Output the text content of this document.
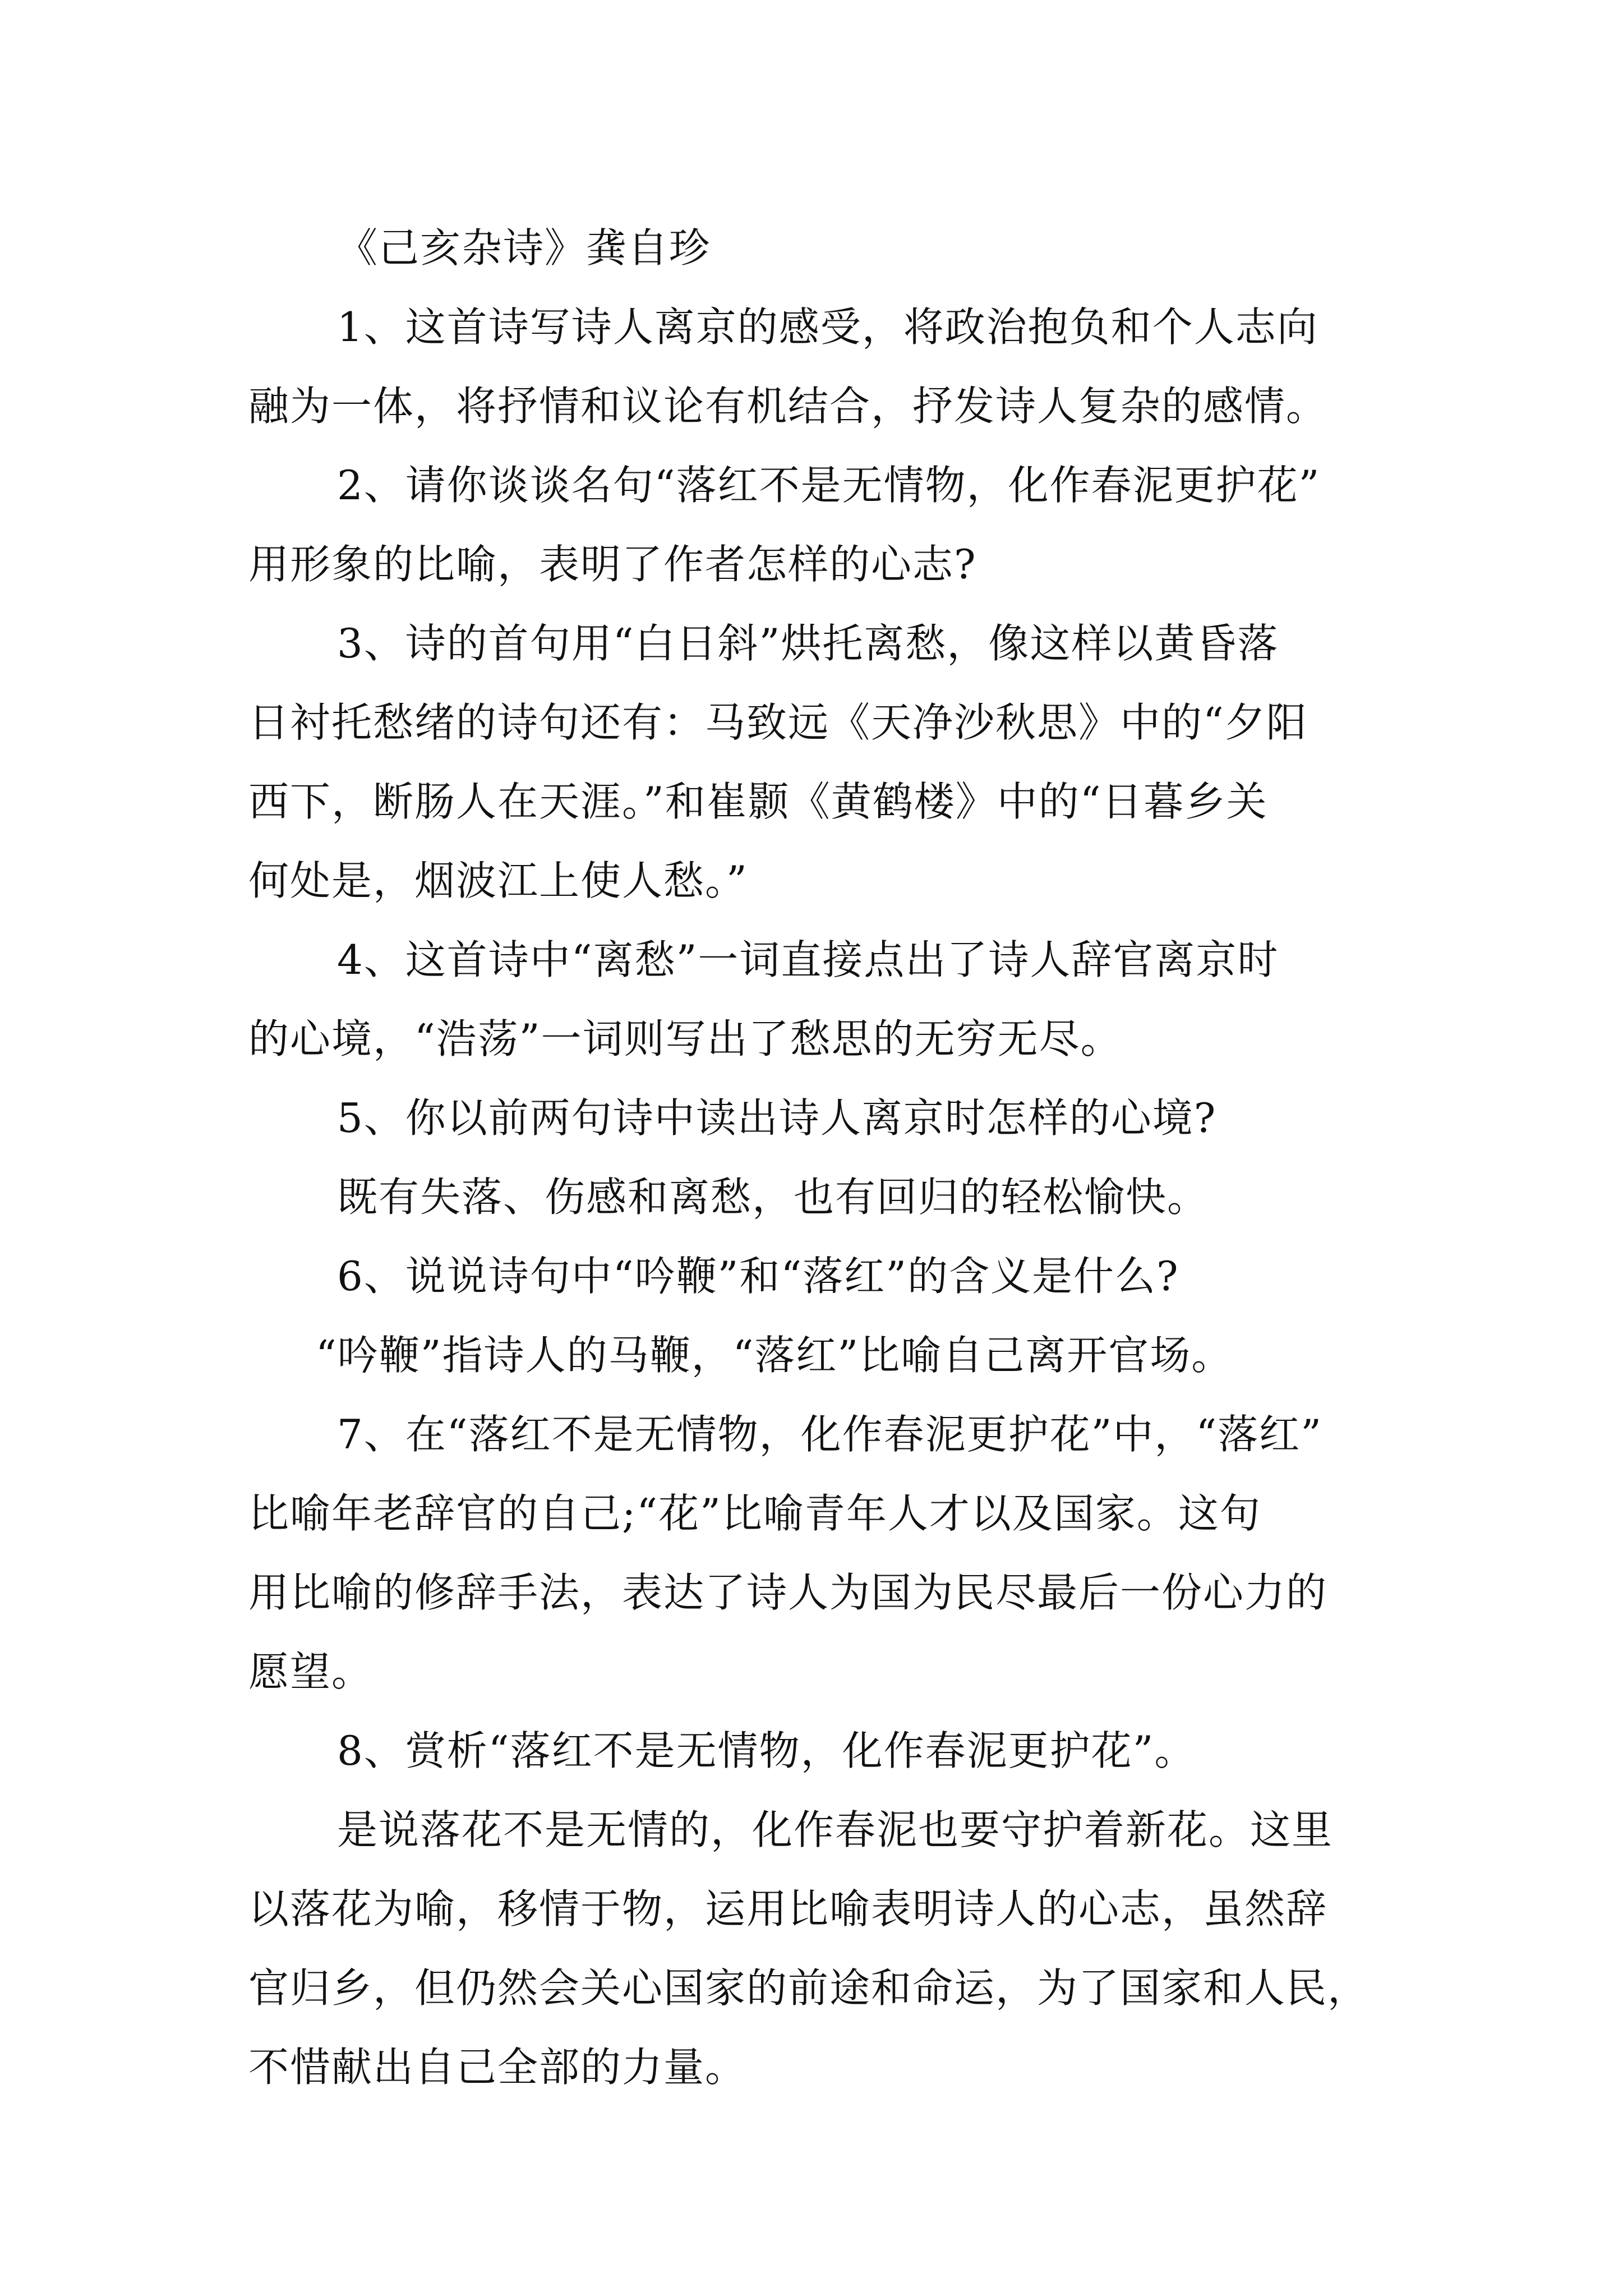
《己亥杂诗》龚自珍
1、这首诗写诗人离京的感受，将政治抱负和个人志向
融为一体，将抒情和议论有机结合，抒发诗人复杂的感情。
2、请你谈谈名句“落红不是无情物，化作春泥更护花”
用形象的比喻，表明了作者怎样的心志?
3、诗的首句用“白日斜”烘托离愁，像这样以黄昏落
日衬托愁绪的诗句还有：马致远《天净沙秋思》中的“夕阳
西下，断肠人在天涯。”和崔颢《黄鹤楼》中的“日暮乡关
何处是，烟波江上使人愁。”
4、这首诗中“离愁”一词直接点出了诗人辞官离京时
的心境，“浩荡”一词则写出了愁思的无穷无尽。
5、你以前两句诗中读出诗人离京时怎样的心境?
既有失落、伤感和离愁，也有回归的轻松愉快。
6、说说诗句中“吟鞭”和“落红”的含义是什么?
“吟鞭”指诗人的马鞭，“落红”比喻自己离开官场。
7、在“落红不是无情物，化作春泥更护花”中，“落红”
比喻年老辞官的自己;“花”比喻青年人才以及国家。这句
用比喻的修辞手法，表达了诗人为国为民尽最后一份心力的
愿望。
8、赏析“落红不是无情物，化作春泥更护花”。
是说落花不是无情的，化作春泥也要守护着新花。这里
以落花为喻，移情于物，运用比喻表明诗人的心志，虽然辞
官归乡，但仍然会关心国家的前途和命运，为了国家和人民，
不惜献出自己全部的力量。
